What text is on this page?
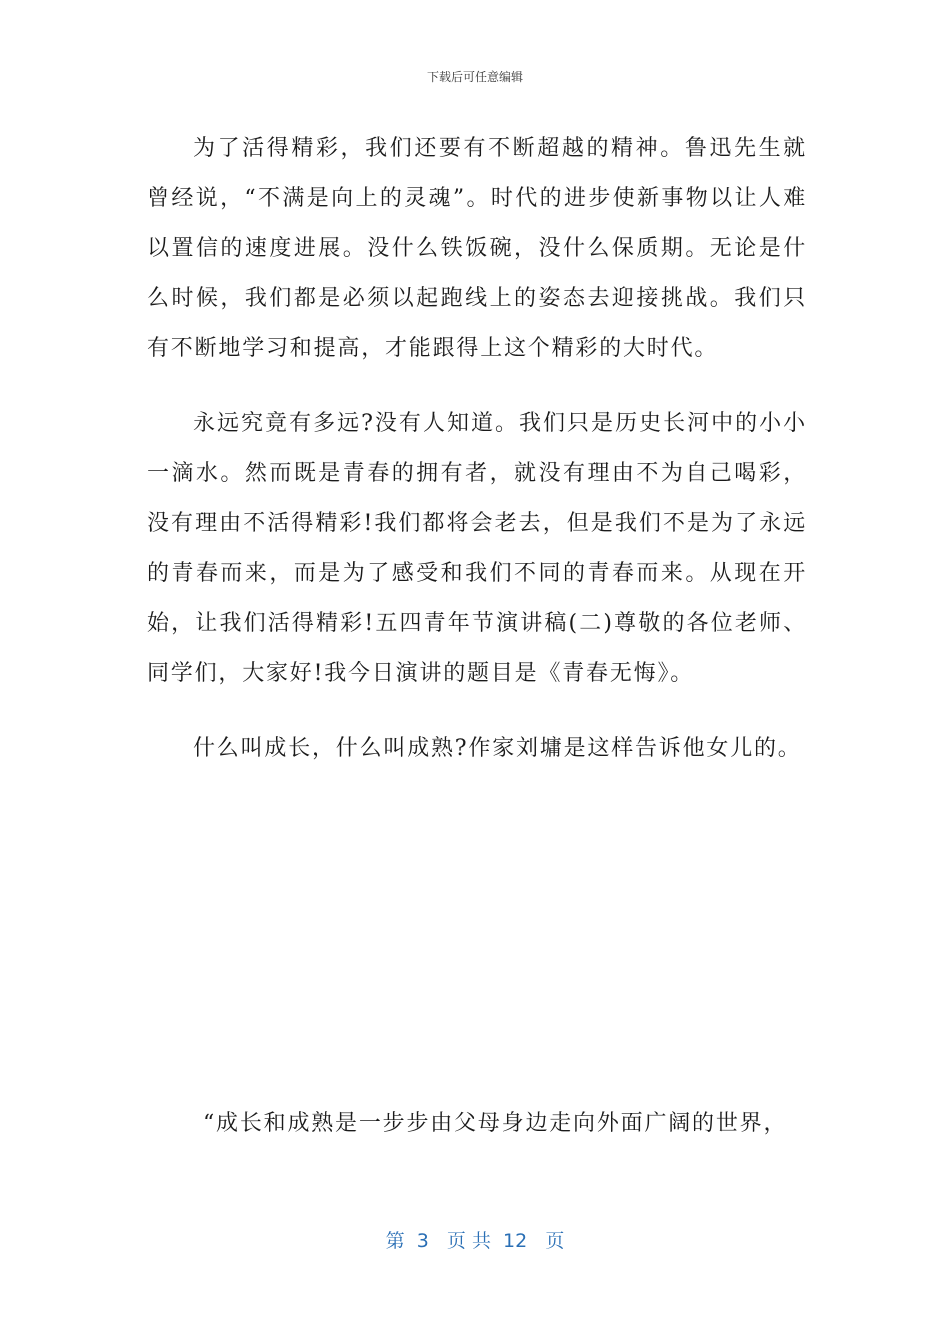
下载后可任意编辑

为了活得精彩，我们还要有不断超越的精神。鲁迅先生就曾经说，“不满是向上的灵魂”。时代的进步使新事物以让人难以置信的速度进展。没什么铁饭碗，没什么保质期。无论是什么时候，我们都是必须以起跑线上的姿态去迎接挑战。我们只有不断地学习和提高，才能跟得上这个精彩的大时代。

永远究竟有多远?没有人知道。我们只是历史长河中的小小一滴水。然而既是青春的拥有者，就没有理由不为自己喝彩，没有理由不活得精彩!我们都将会老去，但是我们不是为了永远的青春而来，而是为了感受和我们不同的青春而来。从现在开始，让我们活得精彩!五四青年节演讲稿(二)尊敬的各位老师、同学们，大家好!我今日演讲的题目是《青春无悔》。

什么叫成长，什么叫成熟?作家刘墉是这样告诉他女儿的。

“成长和成熟是一步步由父母身边走向外面广阔的世界，

第  3   页 共  12   页
